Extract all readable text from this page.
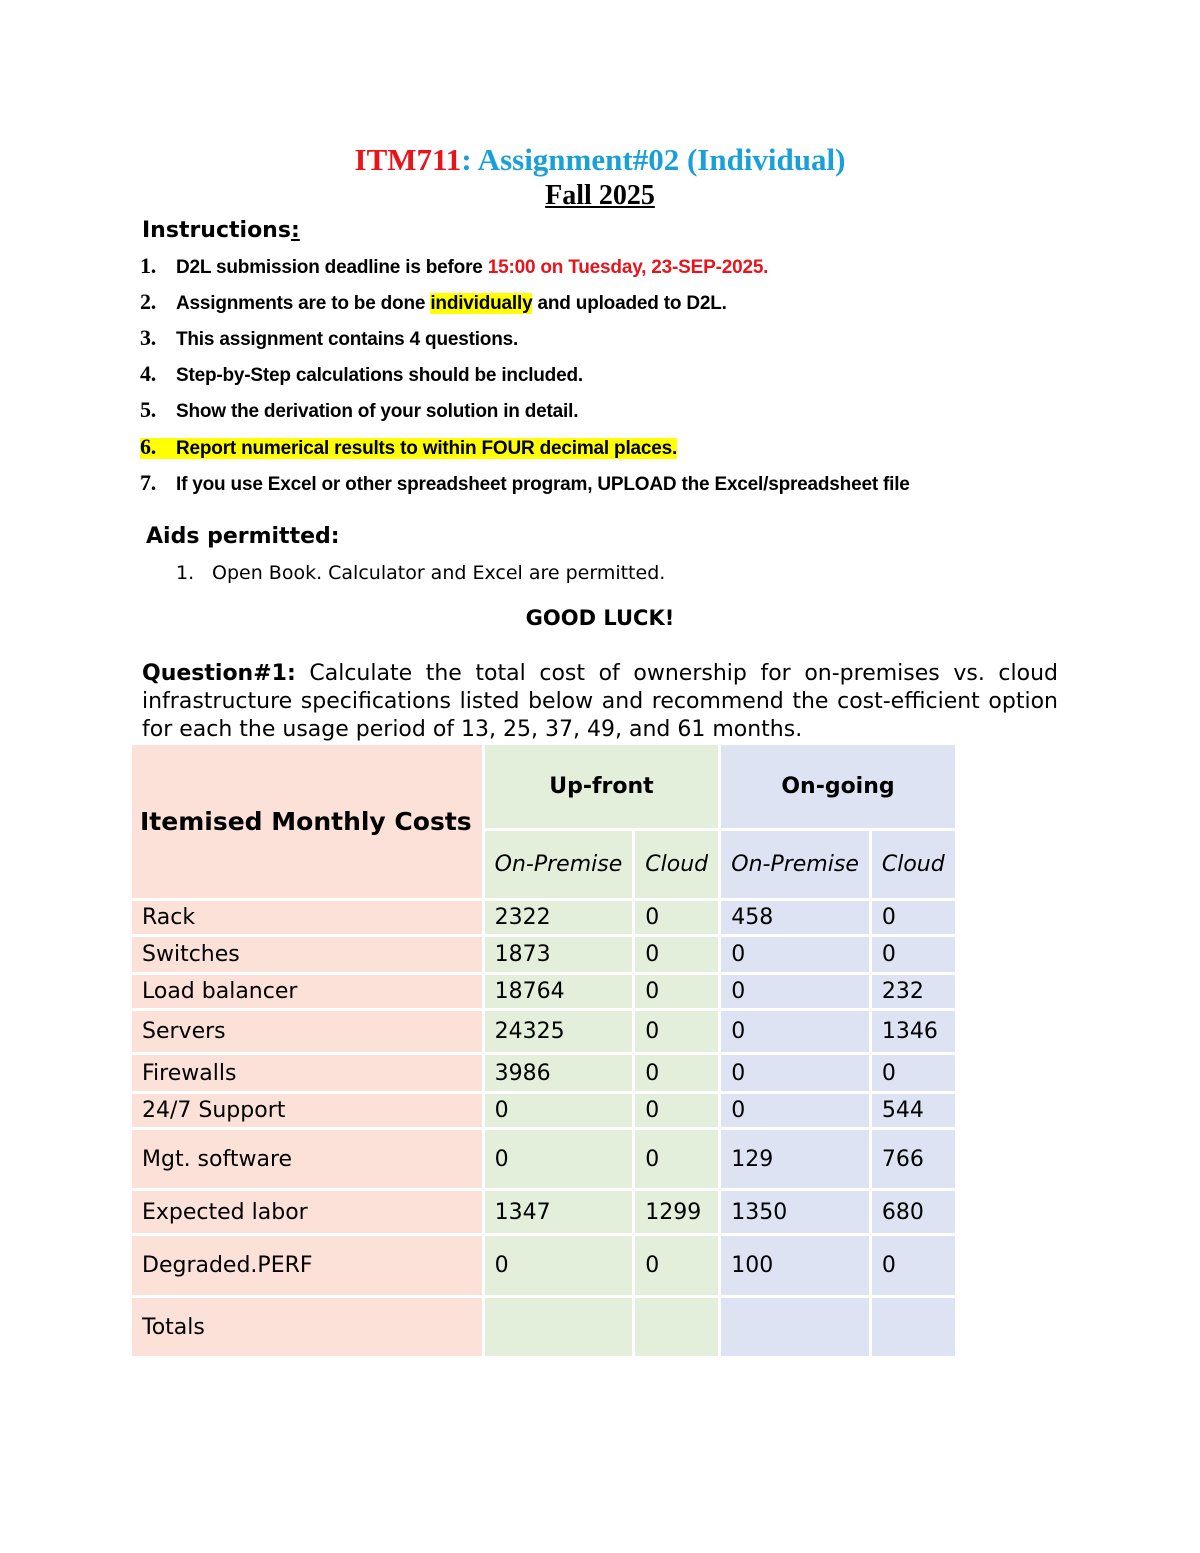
ITM711: Assignment#02 (Individual)
Fall 2025
Instructions:
1. D2L submission deadline is before 15:00 on Tuesday, 23-SEP-2025.
2. Assignments are to be done individually and uploaded to D2L.
3. This assignment contains 4 questions.
4. Step-by-Step calculations should be included.
5. Show the derivation of your solution in detail.
6. Report numerical results to within FOUR decimal places.
7. If you use Excel or other spreadsheet program, UPLOAD the Excel/spreadsheet file
Aids permitted:
1. Open Book. Calculator and Excel are permitted.
GOOD LUCK!
Question#1: Calculate the total cost of ownership for on-premises vs. cloud infrastructure specifications listed below and recommend the cost-efficient option for each the usage period of 13, 25, 37, 49, and 61 months.
Itemised Monthly Costs	Up-front		On-going	
	On-Premise	Cloud	On-Premise	Cloud
Rack	2322	0	458	0
Switches	1873	0	0	0
Load balancer	18764	0	0	232
Servers	24325	0	0	1346
Firewalls	3986	0	0	0
24/7 Support	0	0	0	544
Mgt. software	0	0	129	766
Expected labor	1347	1299	1350	680
Degraded.PERF	0	0	100	0
Totals				
